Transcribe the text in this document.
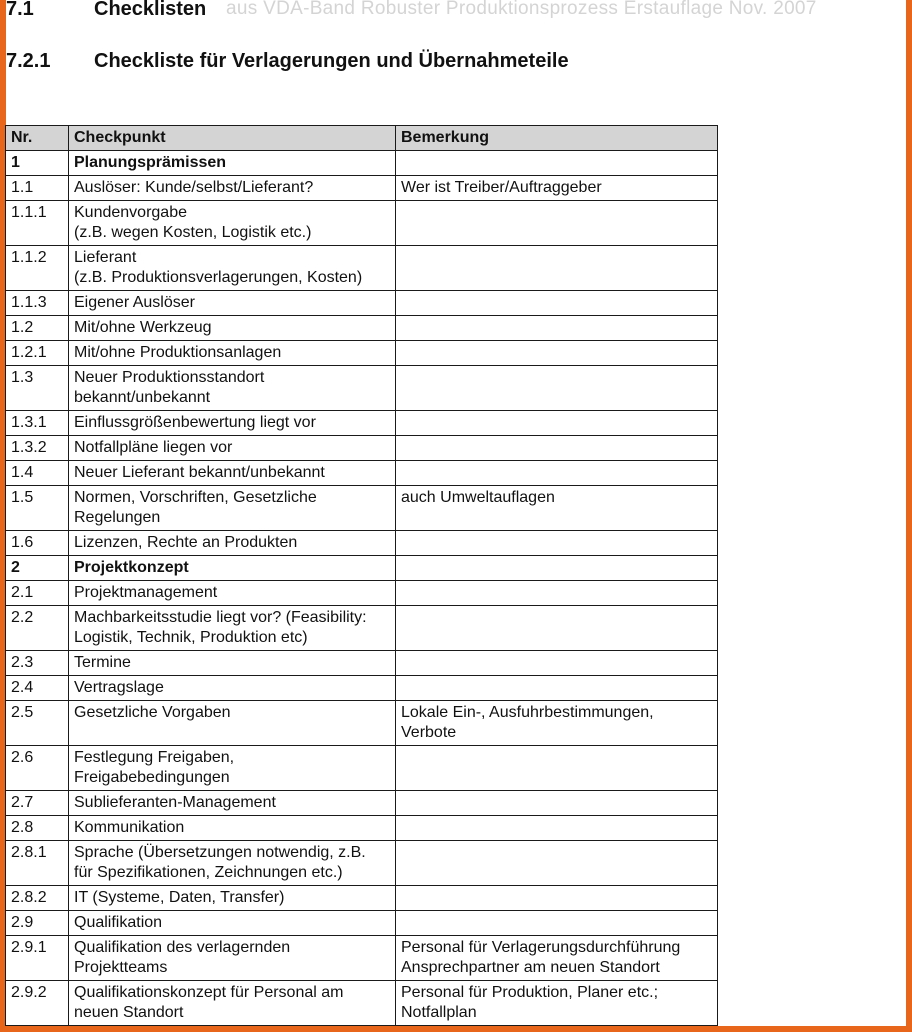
7.1	Checklisten aus VDA-Band Robuster Produktionsprozess Erstauflage Nov. 2007
7.2.1 Checkliste für Verlagerungen und Übernahmeteile
Nr.	Checkpunkt	Bemerkung
1	Planungsprämissen	
1.1	Auslöser: Kunde/selbst/Lieferant?	Wer ist Treiber/Auftraggeber
1.1.1	Kundenvorgabe
(z.B. wegen Kosten, Logistik etc.)	
1.1.2	Lieferant
(z.B. Produktionsverlagerungen, Kosten)	
1.1.3	Eigener Auslöser	
1.2	Mit/ohne Werkzeug	
1.2.1	Mit/ohne Produktionsanlagen	
1.3	Neuer Produktionsstandort
bekannt/unbekannt	
1.3.1	Einflussgrößenbewertung liegt vor	
1.3.2	Notfallpläne liegen vor	
1.4	Neuer Lieferant bekannt/unbekannt	
1.5	Normen, Vorschriften, Gesetzliche
Regelungen	auch Umweltauflagen
1.6	Lizenzen, Rechte an Produkten	
2	Projektkonzept	
2.1	Projektmanagement	
2.2	Machbarkeitsstudie liegt vor? (Feasibility:
Logistik, Technik, Produktion etc)	
2.3	Termine	
2.4	Vertragslage	
2.5	Gesetzliche Vorgaben	Lokale Ein-, Ausfuhrbestimmungen,
Verbote
2.6	Festlegung Freigaben,
Freigabebedingungen	
2.7	Sublieferanten-Management	
2.8	Kommunikation	
2.8.1	Sprache (Übersetzungen notwendig, z.B.
für Spezifikationen, Zeichnungen etc.)	
2.8.2	IT (Systeme, Daten, Transfer)	
2.9	Qualifikation	
2.9.1	Qualifikation des verlagernden
Projektteams	Personal für Verlagerungsdurchführung
Ansprechpartner am neuen Standort
2.9.2	Qualifikationskonzept für Personal am
neuen Standort	Personal für Produktion, Planer etc.;
Notfallplan
